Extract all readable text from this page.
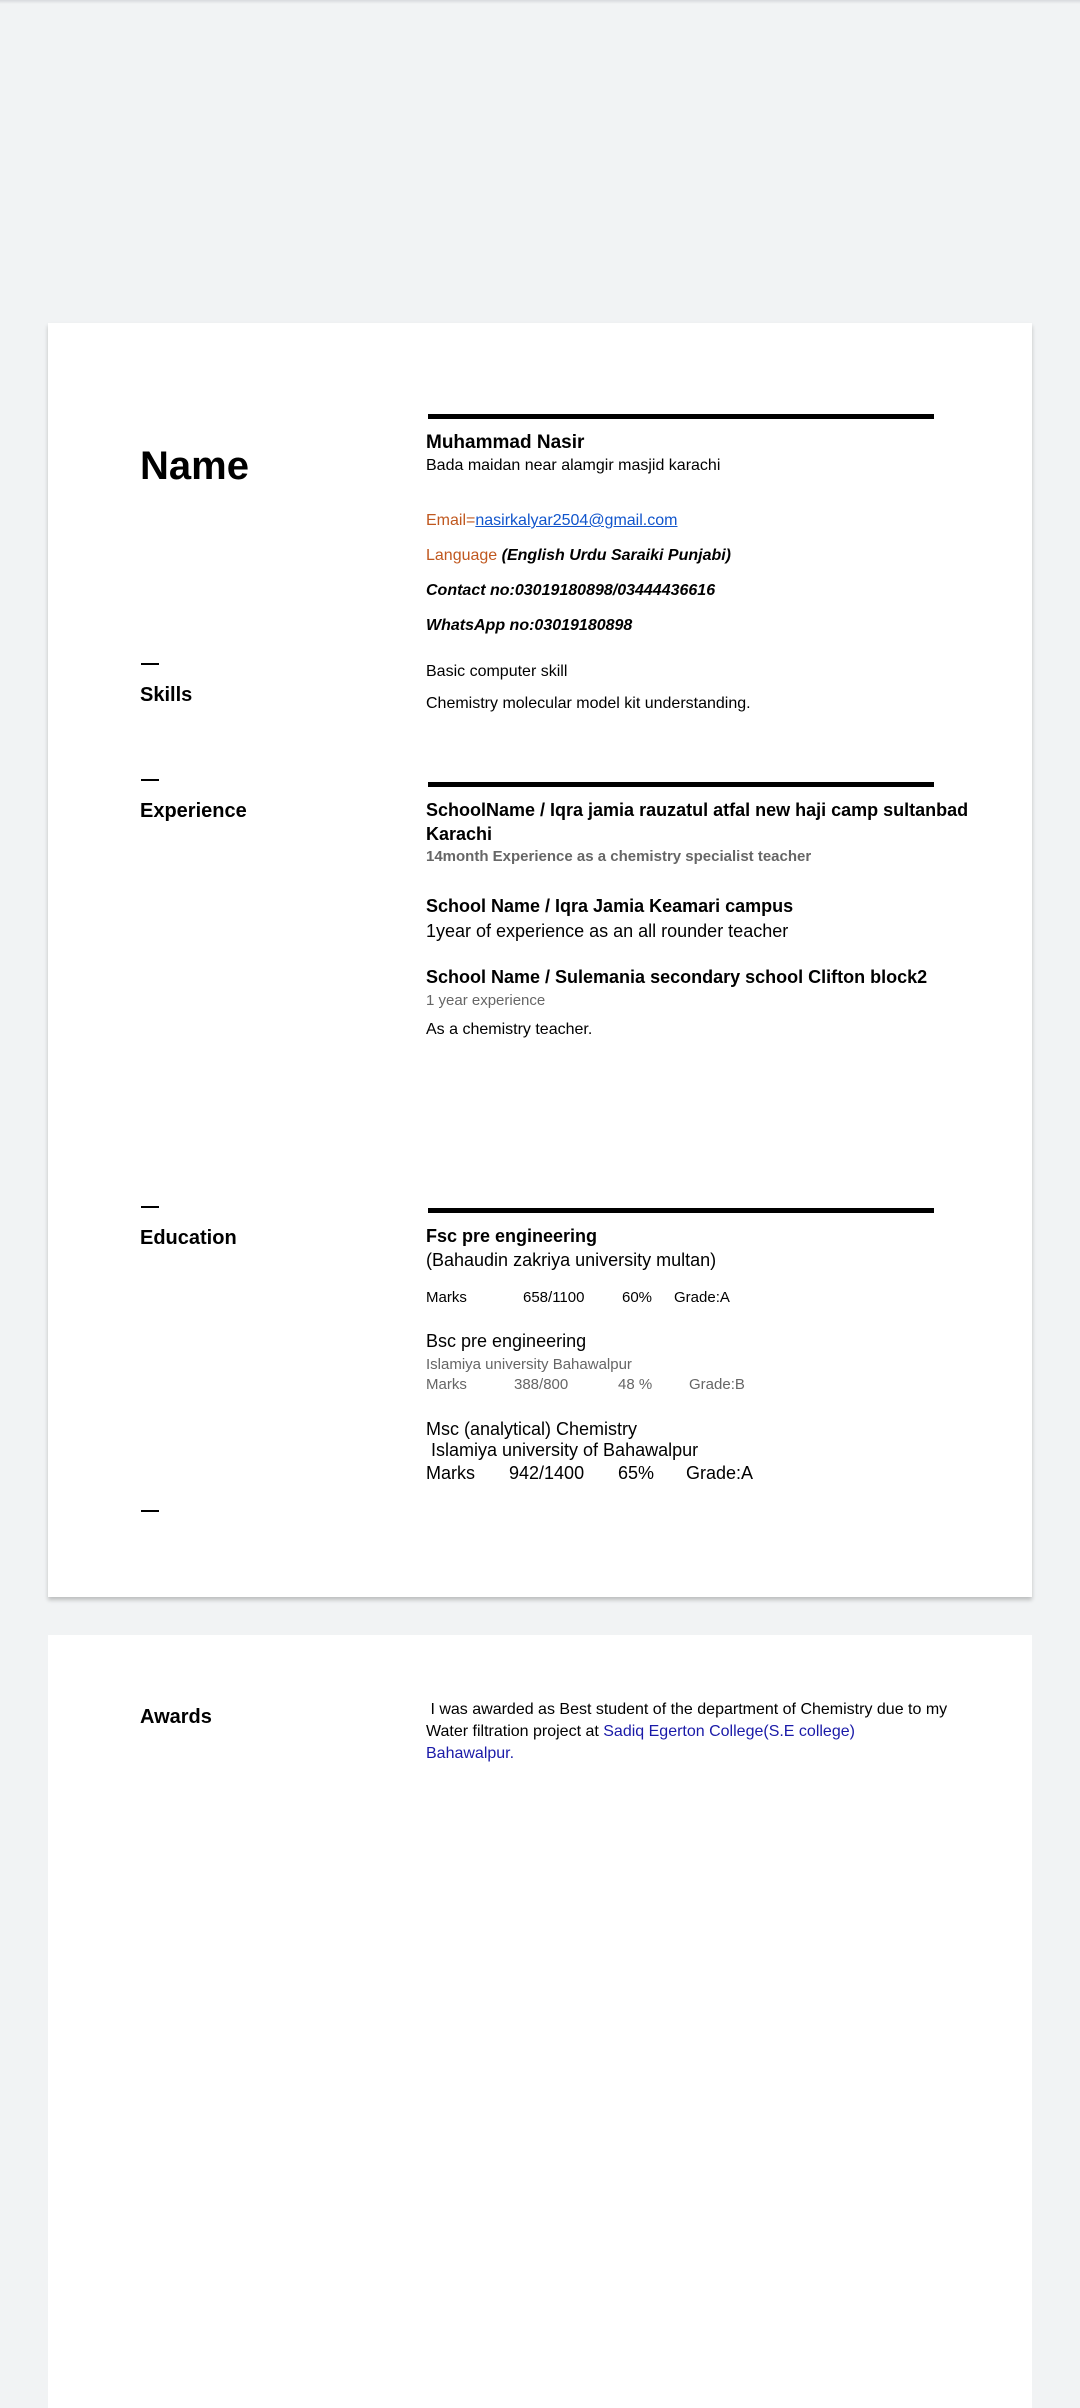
Name
Muhammad Nasir
Bada maidan near alamgir masjid karachi
Email=nasirkalyar2504@gmail.com
Language (English Urdu Saraiki Punjabi)
Contact no:03019180898/03444436616
WhatsApp no:03019180898
Skills
Basic computer skill
Chemistry molecular model kit understanding.
Experience	SchoolName / Iqra jamia rauzatul atfal new haji camp sultanbad
Karachi
14month Experience as a chemistry specialist teacher
School Name / Iqra Jamia Keamari campus
1year of experience as an all rounder teacher
School Name / Sulemania secondary school Clifton block2
1 year experience
As a chemistry teacher.
Education	Fsc pre engineering
(Bahaudin zakriya university multan)
Marks	658/1100	60% Grade:A
Bsc pre engineering
Islamiya university Bahawalpur
Marks	388/800	48 % Grade:B
Msc (analytical) Chemistry
Islamiya university of Bahawalpur
Marks 942/1400 65% Grade:A
Awards	I was awarded as Best student of the department of Chemistry due to my
Water filtration project at Sadiq Egerton College(S.E college)
Bahawalpur.
